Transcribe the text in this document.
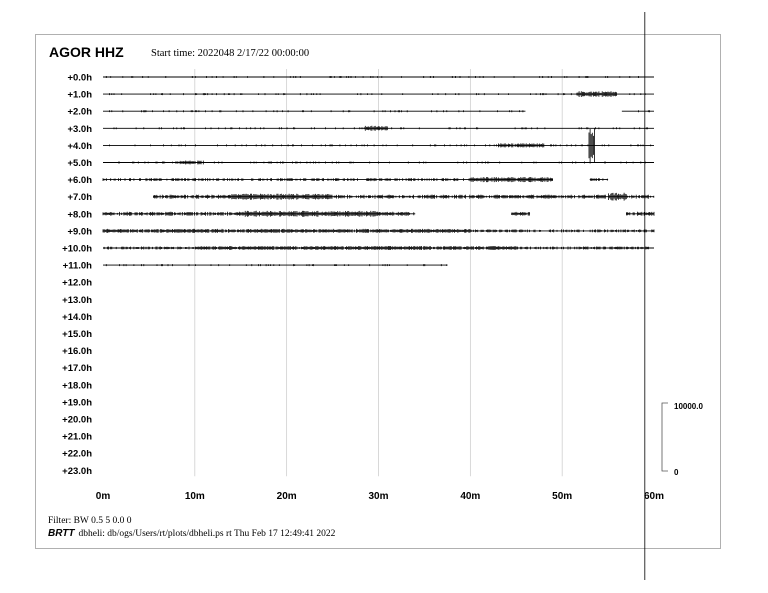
AGOR HHZ	Start time: 2022048 2/17/22 00:00:00
+0.0h
+1.0h
+2.0h
+3.0h
+4.0h
+5.0h
+6.0h
+7.0h
+8.0h
+9.0h
+10.0h
+11.0h
+12.0h
+13.0h
+14.0h
+15.0h
+16.0h
+17.0h
+18.0h
+19.0h
+20.0h
+21.0h
+22.0h
+23.0h
0m	10m	20m	30m	40m	50m	60m
10000.0
0
Filter: BW 0.5 5 0.0 0
BRTT dbheli: db/ogs/Users/rt/plots/dbheli.ps rt Thu Feb 17 12:49:41 2022
